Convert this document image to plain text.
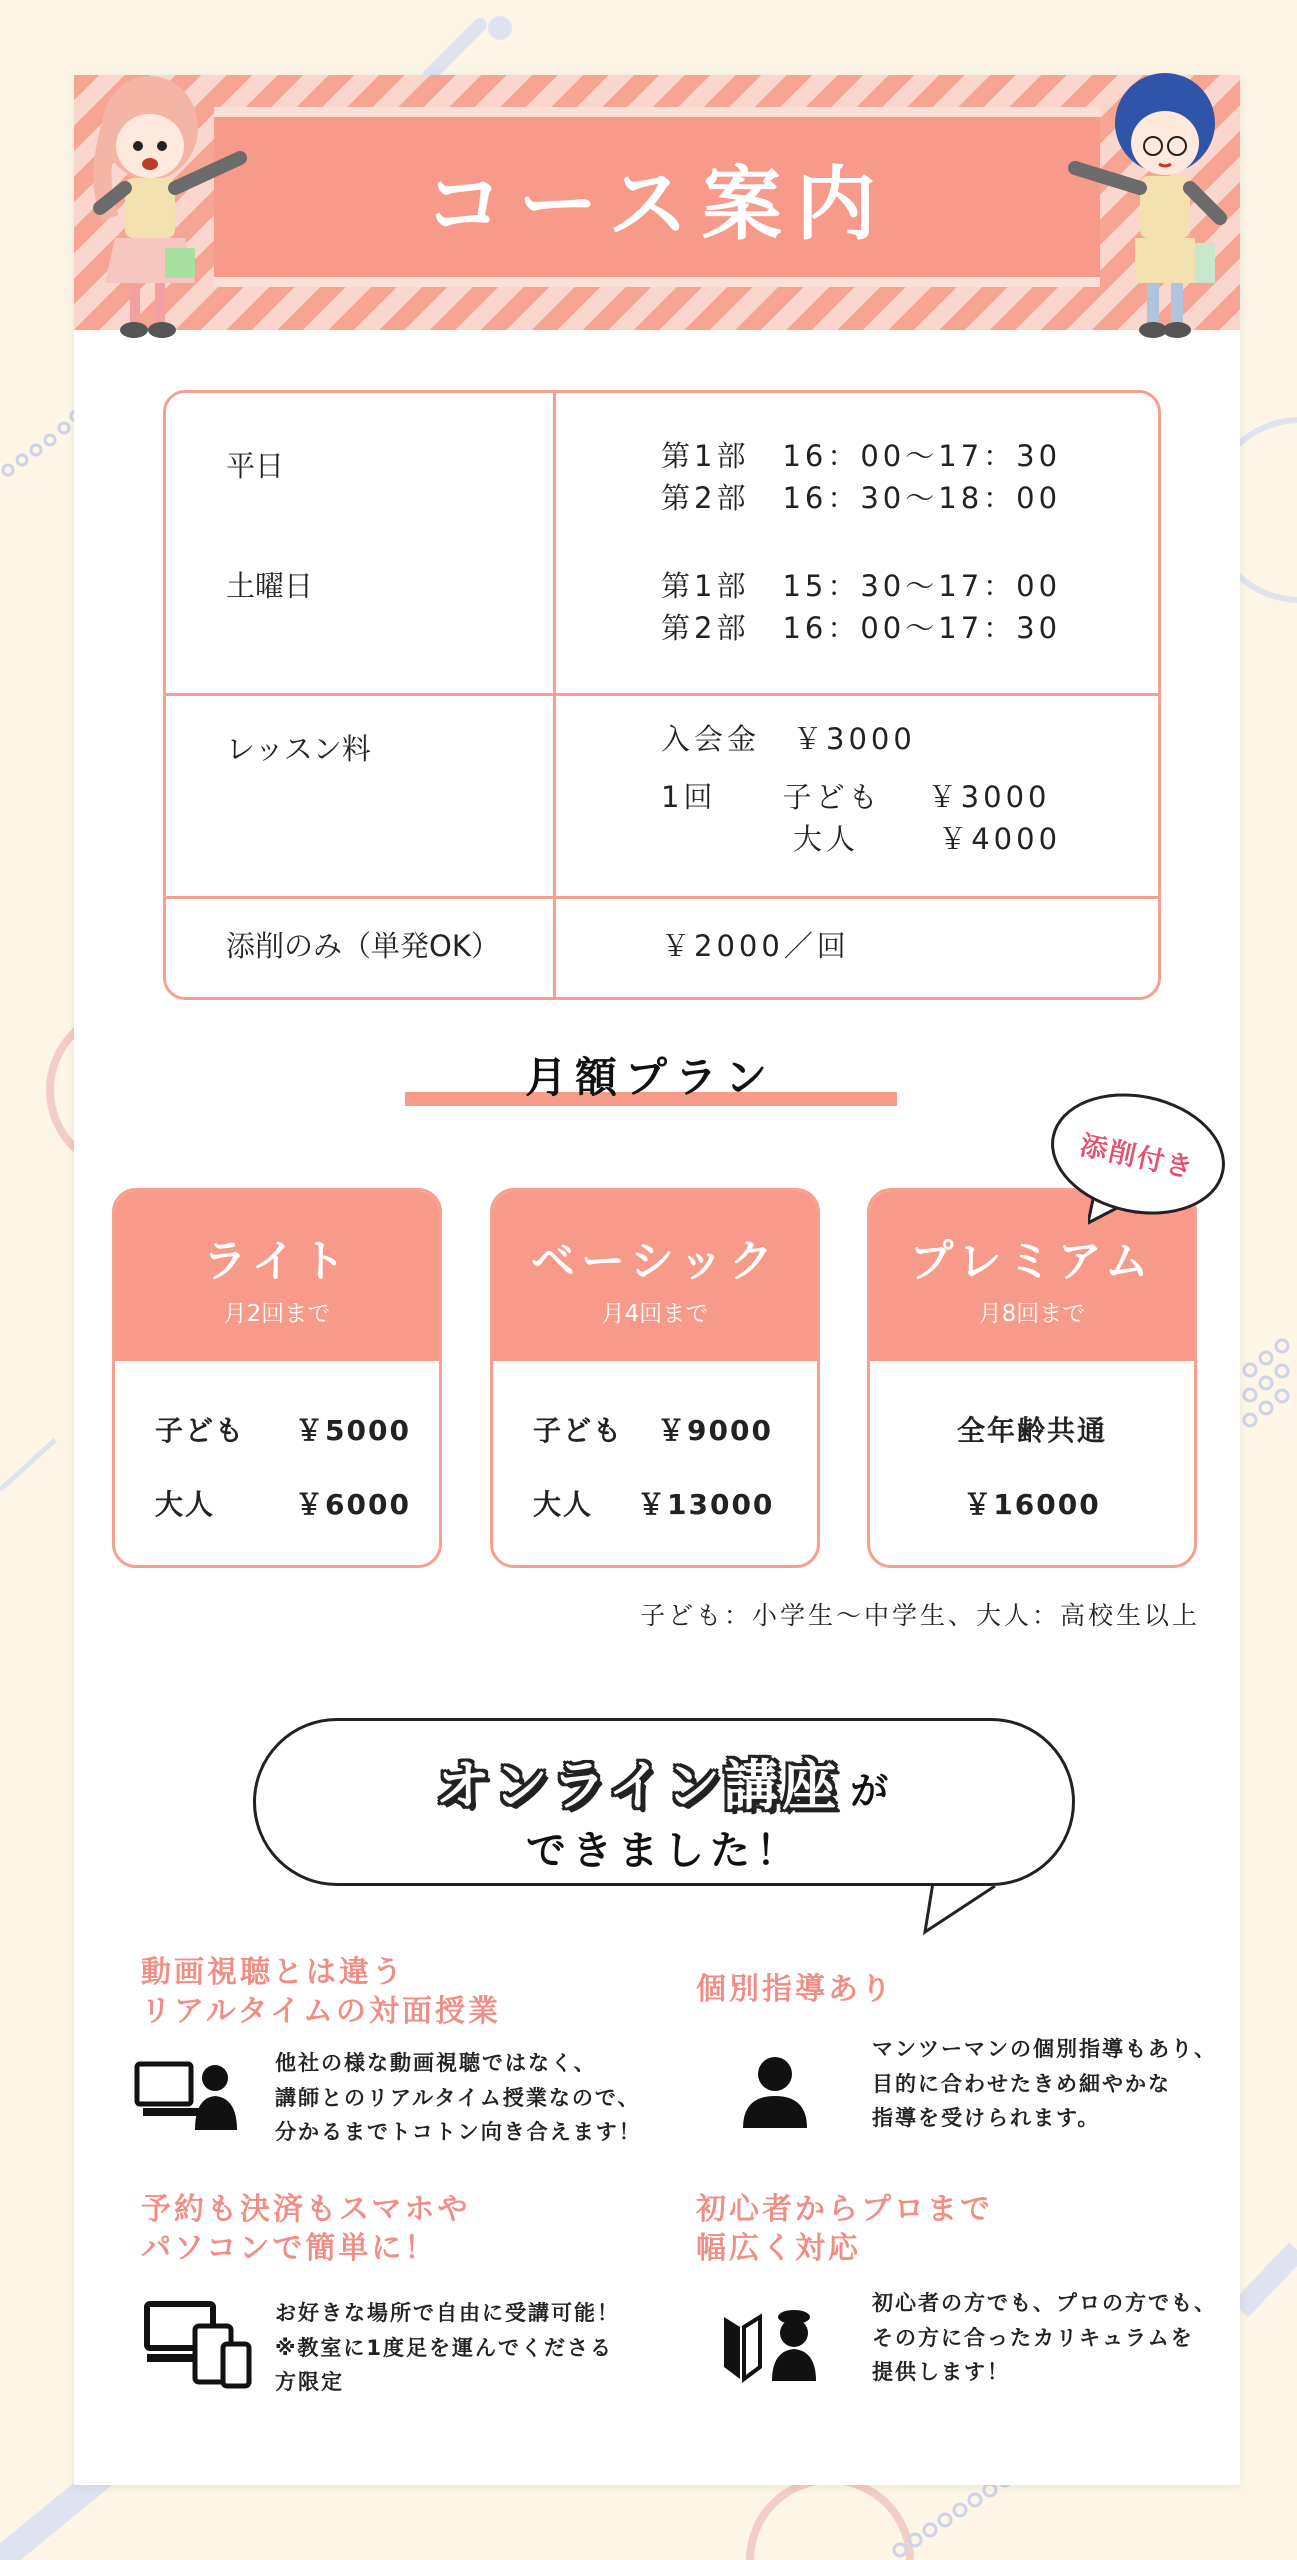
コース案内
平日	第1部　16：00〜17：30
第2部　16：30〜18：00
土曜日	第1部　15：30〜17：00
第2部　16：00〜17：30
レッスン料	入会金　￥3000
1回　　子ども　 ￥3000
　　　　大人　　 ￥4000
添削のみ（単発OK）	￥2000／回
月額プラン
ライト
月2回まで
子ども ￥5000
大人	￥6000
ベーシック
月4回まで
子ども ￥9000
大人 ￥13000
プレミアム
月8回まで
全年齢共通
￥16000
添削付き
子ども：小学生〜中学生、大人：高校生以上
オンライン講座 が
できました！
動画視聴とは違う
リアルタイムの対面授業
他社の様な動画視聴ではなく、
講師とのリアルタイム授業なので、
分かるまでトコトン向き合えます！
個別指導あり
マンツーマンの個別指導もあり、
目的に合わせたきめ細やかな
指導を受けられます。
予約も決済もスマホや
パソコンで簡単に！
お好きな場所で自由に受講可能！
※教室に1度足を運んでくださる
方限定
初心者からプロまで
幅広く対応
初心者の方でも、プロの方でも、
その方に合ったカリキュラムを
提供します！
